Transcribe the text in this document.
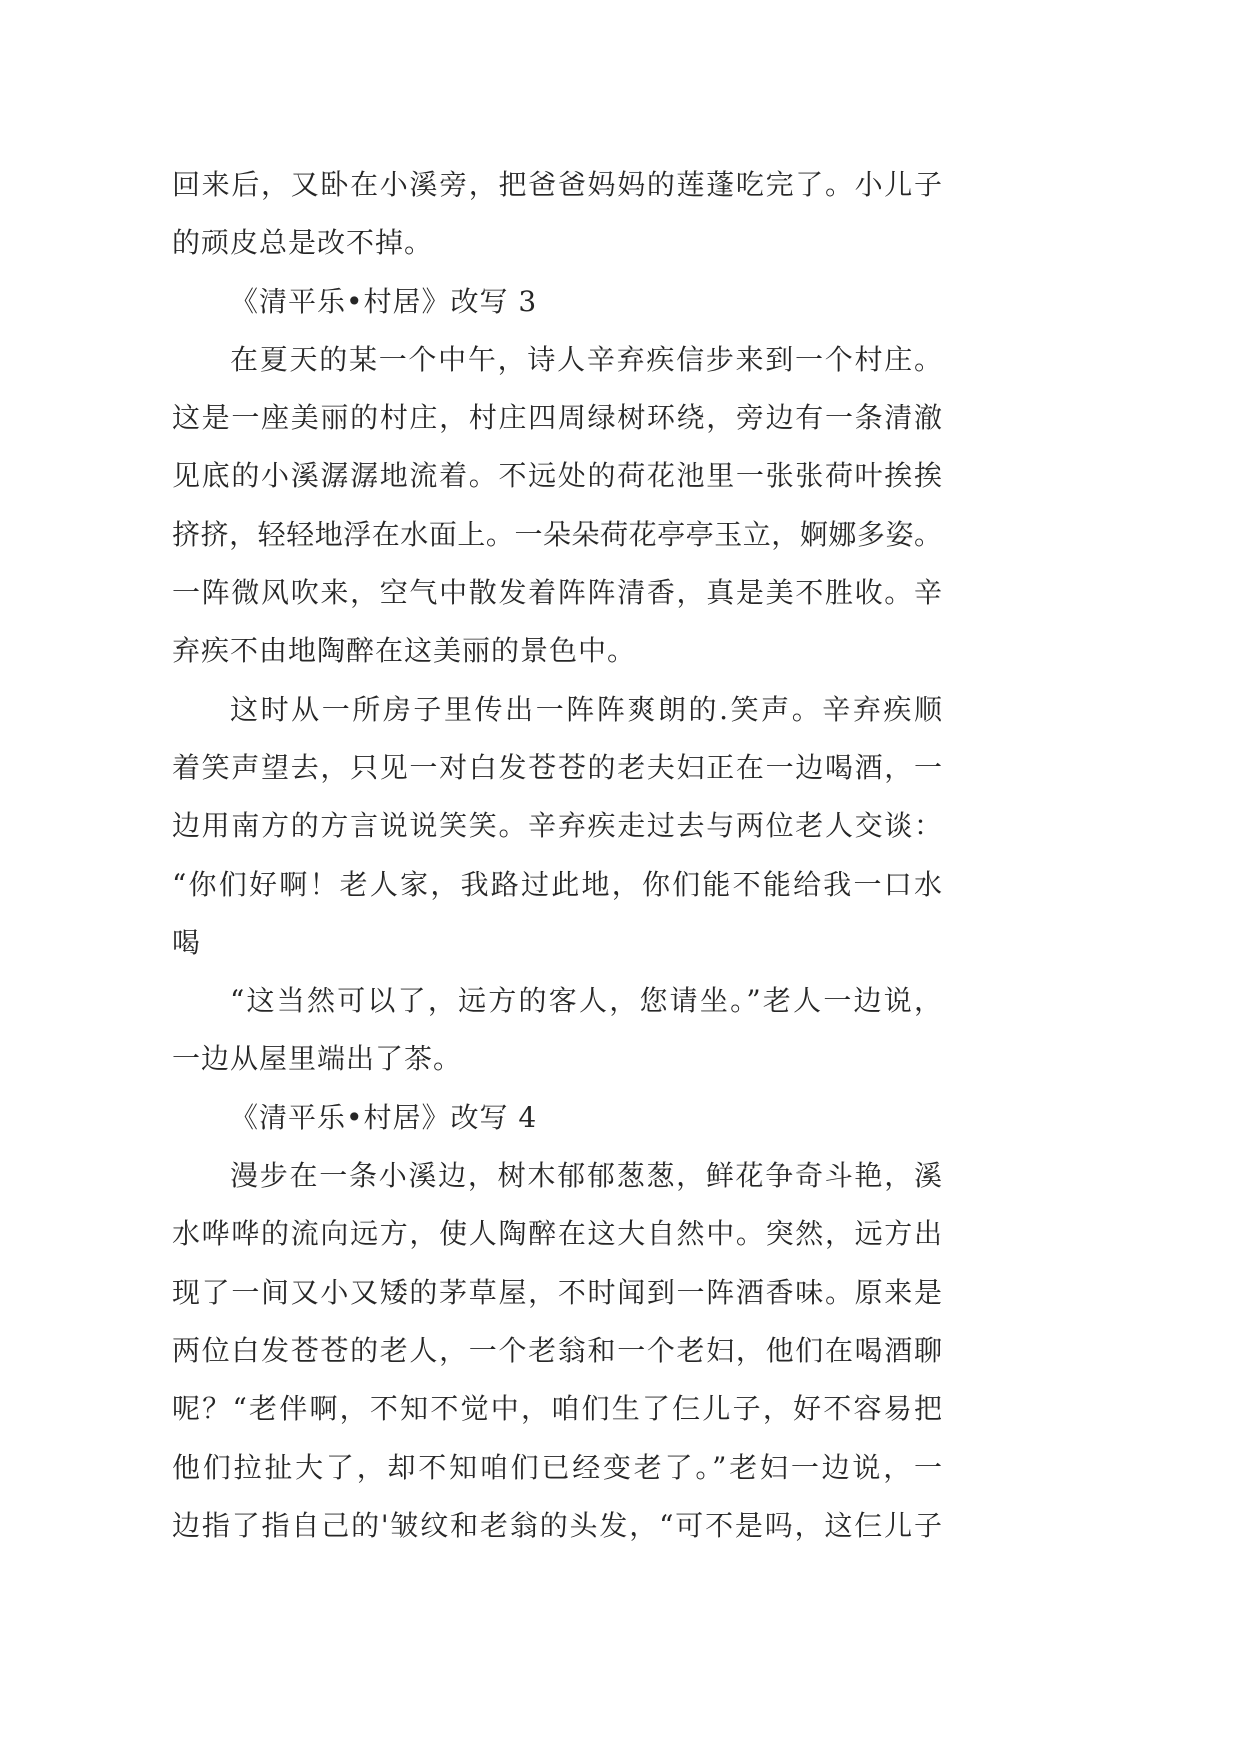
回来后，又卧在小溪旁，把爸爸妈妈的莲蓬吃完了。小儿子
的顽皮总是改不掉。
《清平乐•村居》改写 3
在夏天的某一个中午，诗人辛弃疾信步来到一个村庄。
这是一座美丽的村庄，村庄四周绿树环绕，旁边有一条清澈
见底的小溪潺潺地流着。不远处的荷花池里一张张荷叶挨挨
挤挤，轻轻地浮在水面上。一朵朵荷花亭亭玉立，婀娜多姿。
一阵微风吹来，空气中散发着阵阵清香，真是美不胜收。辛
弃疾不由地陶醉在这美丽的景色中。
这时从一所房子里传出一阵阵爽朗的.笑声。辛弃疾顺
着笑声望去，只见一对白发苍苍的老夫妇正在一边喝酒，一
边用南方的方言说说笑笑。辛弃疾走过去与两位老人交谈：
“你们好啊！老人家，我路过此地，你们能不能给我一口水
喝
“这当然可以了，远方的客人，您请坐。”老人一边说，
一边从屋里端出了茶。
《清平乐•村居》改写 4
漫步在一条小溪边，树木郁郁葱葱，鲜花争奇斗艳，溪
水哗哗的流向远方，使人陶醉在这大自然中。突然，远方出
现了一间又小又矮的茅草屋，不时闻到一阵酒香味。原来是
两位白发苍苍的老人，一个老翁和一个老妇，他们在喝酒聊
呢？“老伴啊，不知不觉中，咱们生了仨儿子，好不容易把
他们拉扯大了，却不知咱们已经变老了。”老妇一边说，一
边指了指自己的'皱纹和老翁的头发，“可不是吗，这仨儿子
